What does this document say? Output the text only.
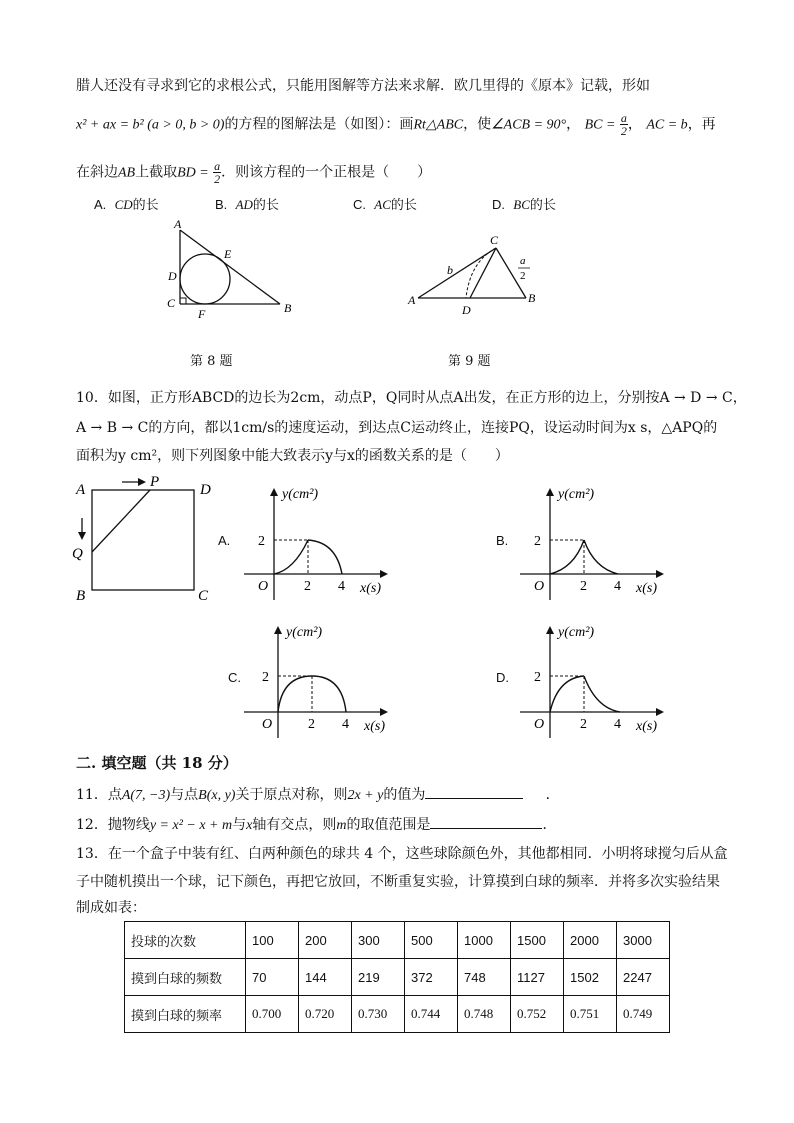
腊人还没有寻求到它的求根公式，只能用图解等方法来求解．欧几里得的《原本》记载，形如
x² + ax = b² (a > 0, b > 0)的方程的图解法是（如图）：画Rt△ABC，使∠ACB = 90°， BC = $\frac{a}{2}$ ， AC = b，再
在斜边AB上截取BD = $\frac{a}{2}$ ．则该方程的一个正根是（　　）
A. CD的长	B. AD的长	C. AC的长	D. BC的长
A
E
D
C
F	B
第 8 题
C
b
A
D
B
a
2
第 9 题
10．如图，正方形ABCD的边长为2cm，动点P，Q同时从点A出发，在正方形的边上，分别按A → D → C，
A → B → C的方向，都以1cm/s的速度运动，到达点C运动终止，连接PQ，设运动时间为x s，△APQ的
面积为y cm²，则下列图象中能大致表示y与x的函数关系的是（　　）
A	P	D
Q
B	C
A.
y(cm²)
2
O	2 4 x(s)
B.
y(cm²)
2
O	2 4 x(s)
C.
y(cm²)
2
O	2 4 x(s)
D.
y(cm²)
2
O	2 4 x(s)
二. 填空题（共 18 分）
11．点A(7, −3)与点B(x, y)关于原点对称，则2x + y的值为	．
12．抛物线y = x² − x + m与x轴有交点，则m的取值范围是	．
13．在一个盒子中装有红、白两种颜色的球共 4 个，这些球除颜色外，其他都相同．小明将球搅匀后从盒
子中随机摸出一个球，记下颜色，再把它放回，不断重复实验，计算摸到白球的频率．并将多次实验结果
制成如表：
投球的次数	100	200	300	500	1000	1500	2000	3000
摸到白球的频数	70	144	219	372	748	1127	1502	2247
摸到白球的频率	0.700	0.720	0.730	0.744	0.748	0.752	0.751	0.749
